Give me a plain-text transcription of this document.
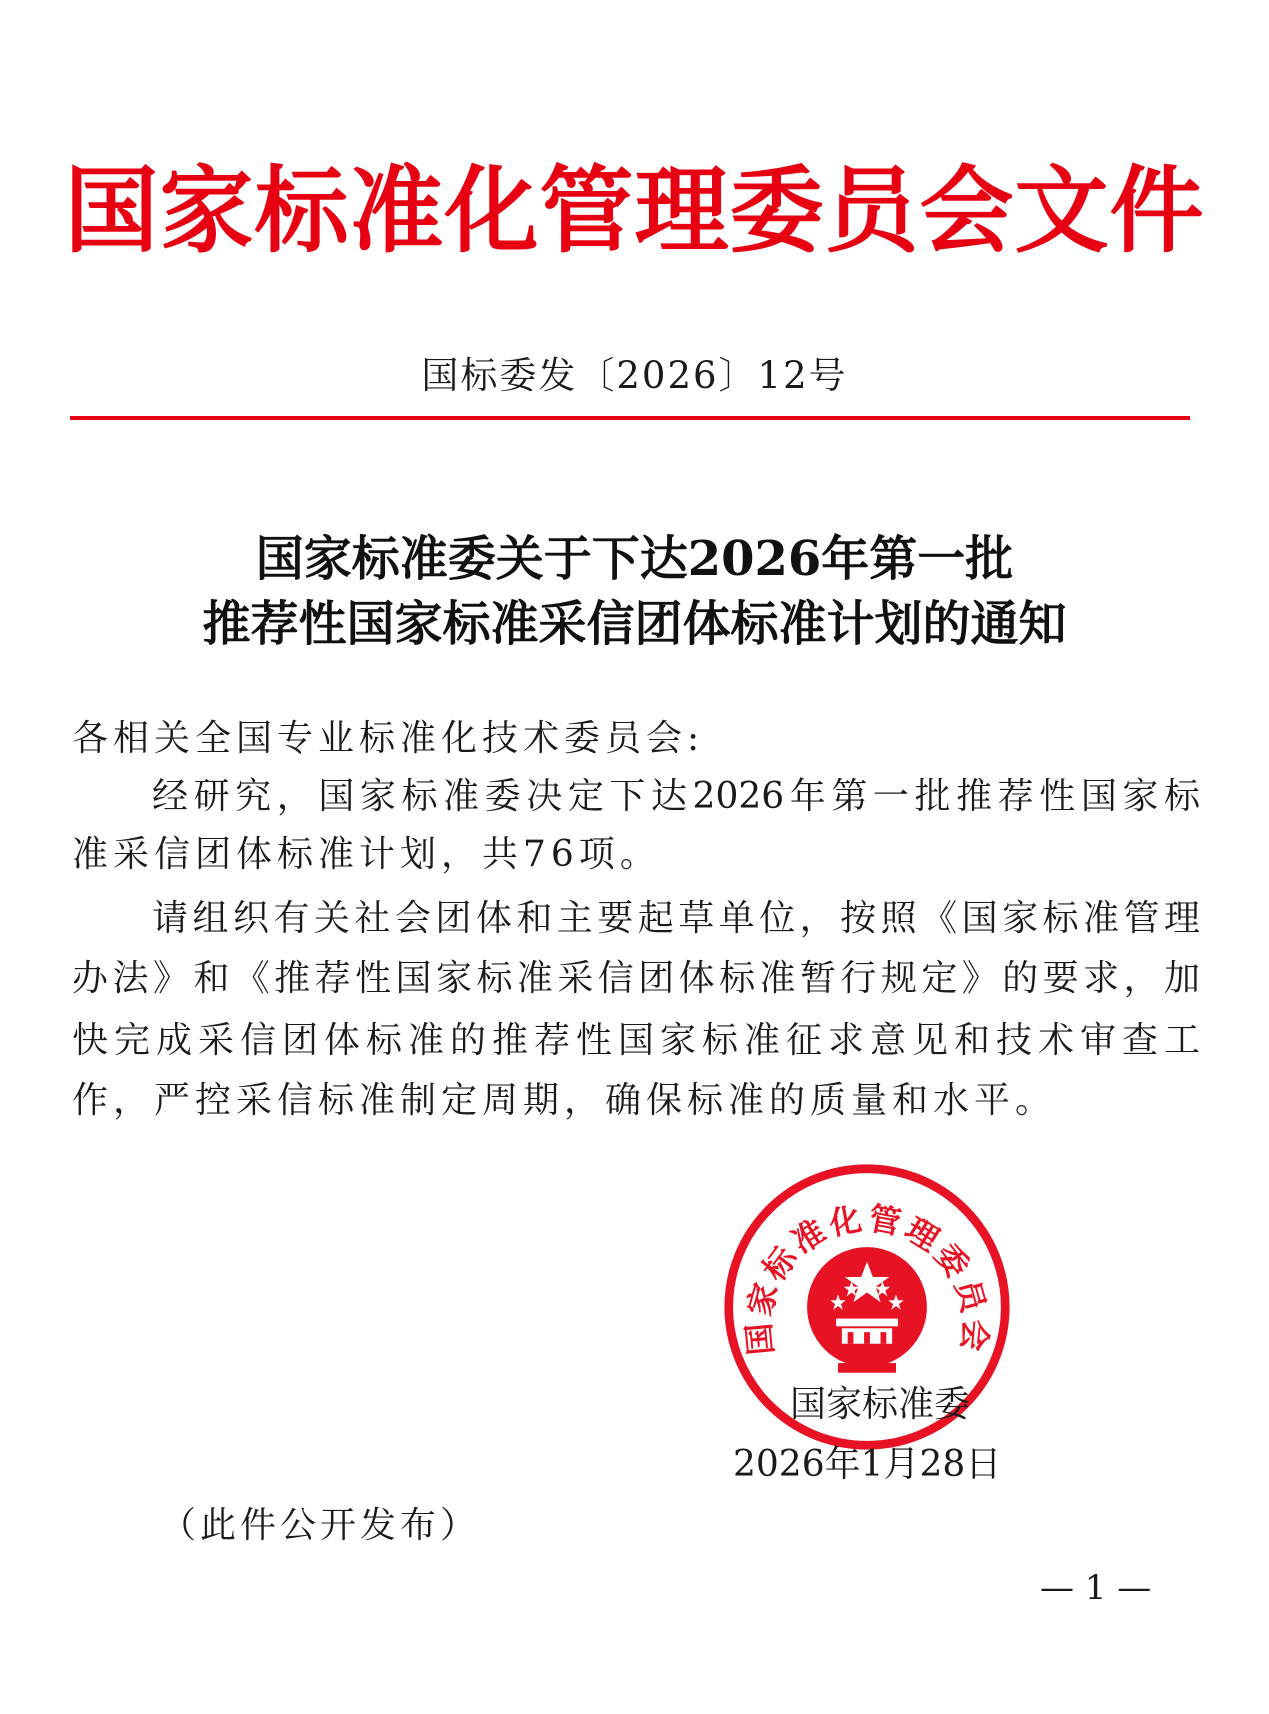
国家标准化管理委员会文件
国标委发〔2026〕12号
国家标准委关于下达2026年第一批
推荐性国家标准采信团体标准计划的通知
各相关全国专业标准化技术委员会:
经研究，国家标准委决定下达2026年第一批推荐性国家标
准采信团体标准计划，共76项。
请组织有关社会团体和主要起草单位，按照《国家标准管理
办法》和《推荐性国家标准采信团体标准暂行规定》的要求，加
快完成采信团体标准的推荐性国家标准征求意见和技术审查工
作，严控采信标准制定周期，确保标准的质量和水平。
国家标准化管理委员会
国家标准委
2026年1月28日
（此件公开发布）
— 1 —
